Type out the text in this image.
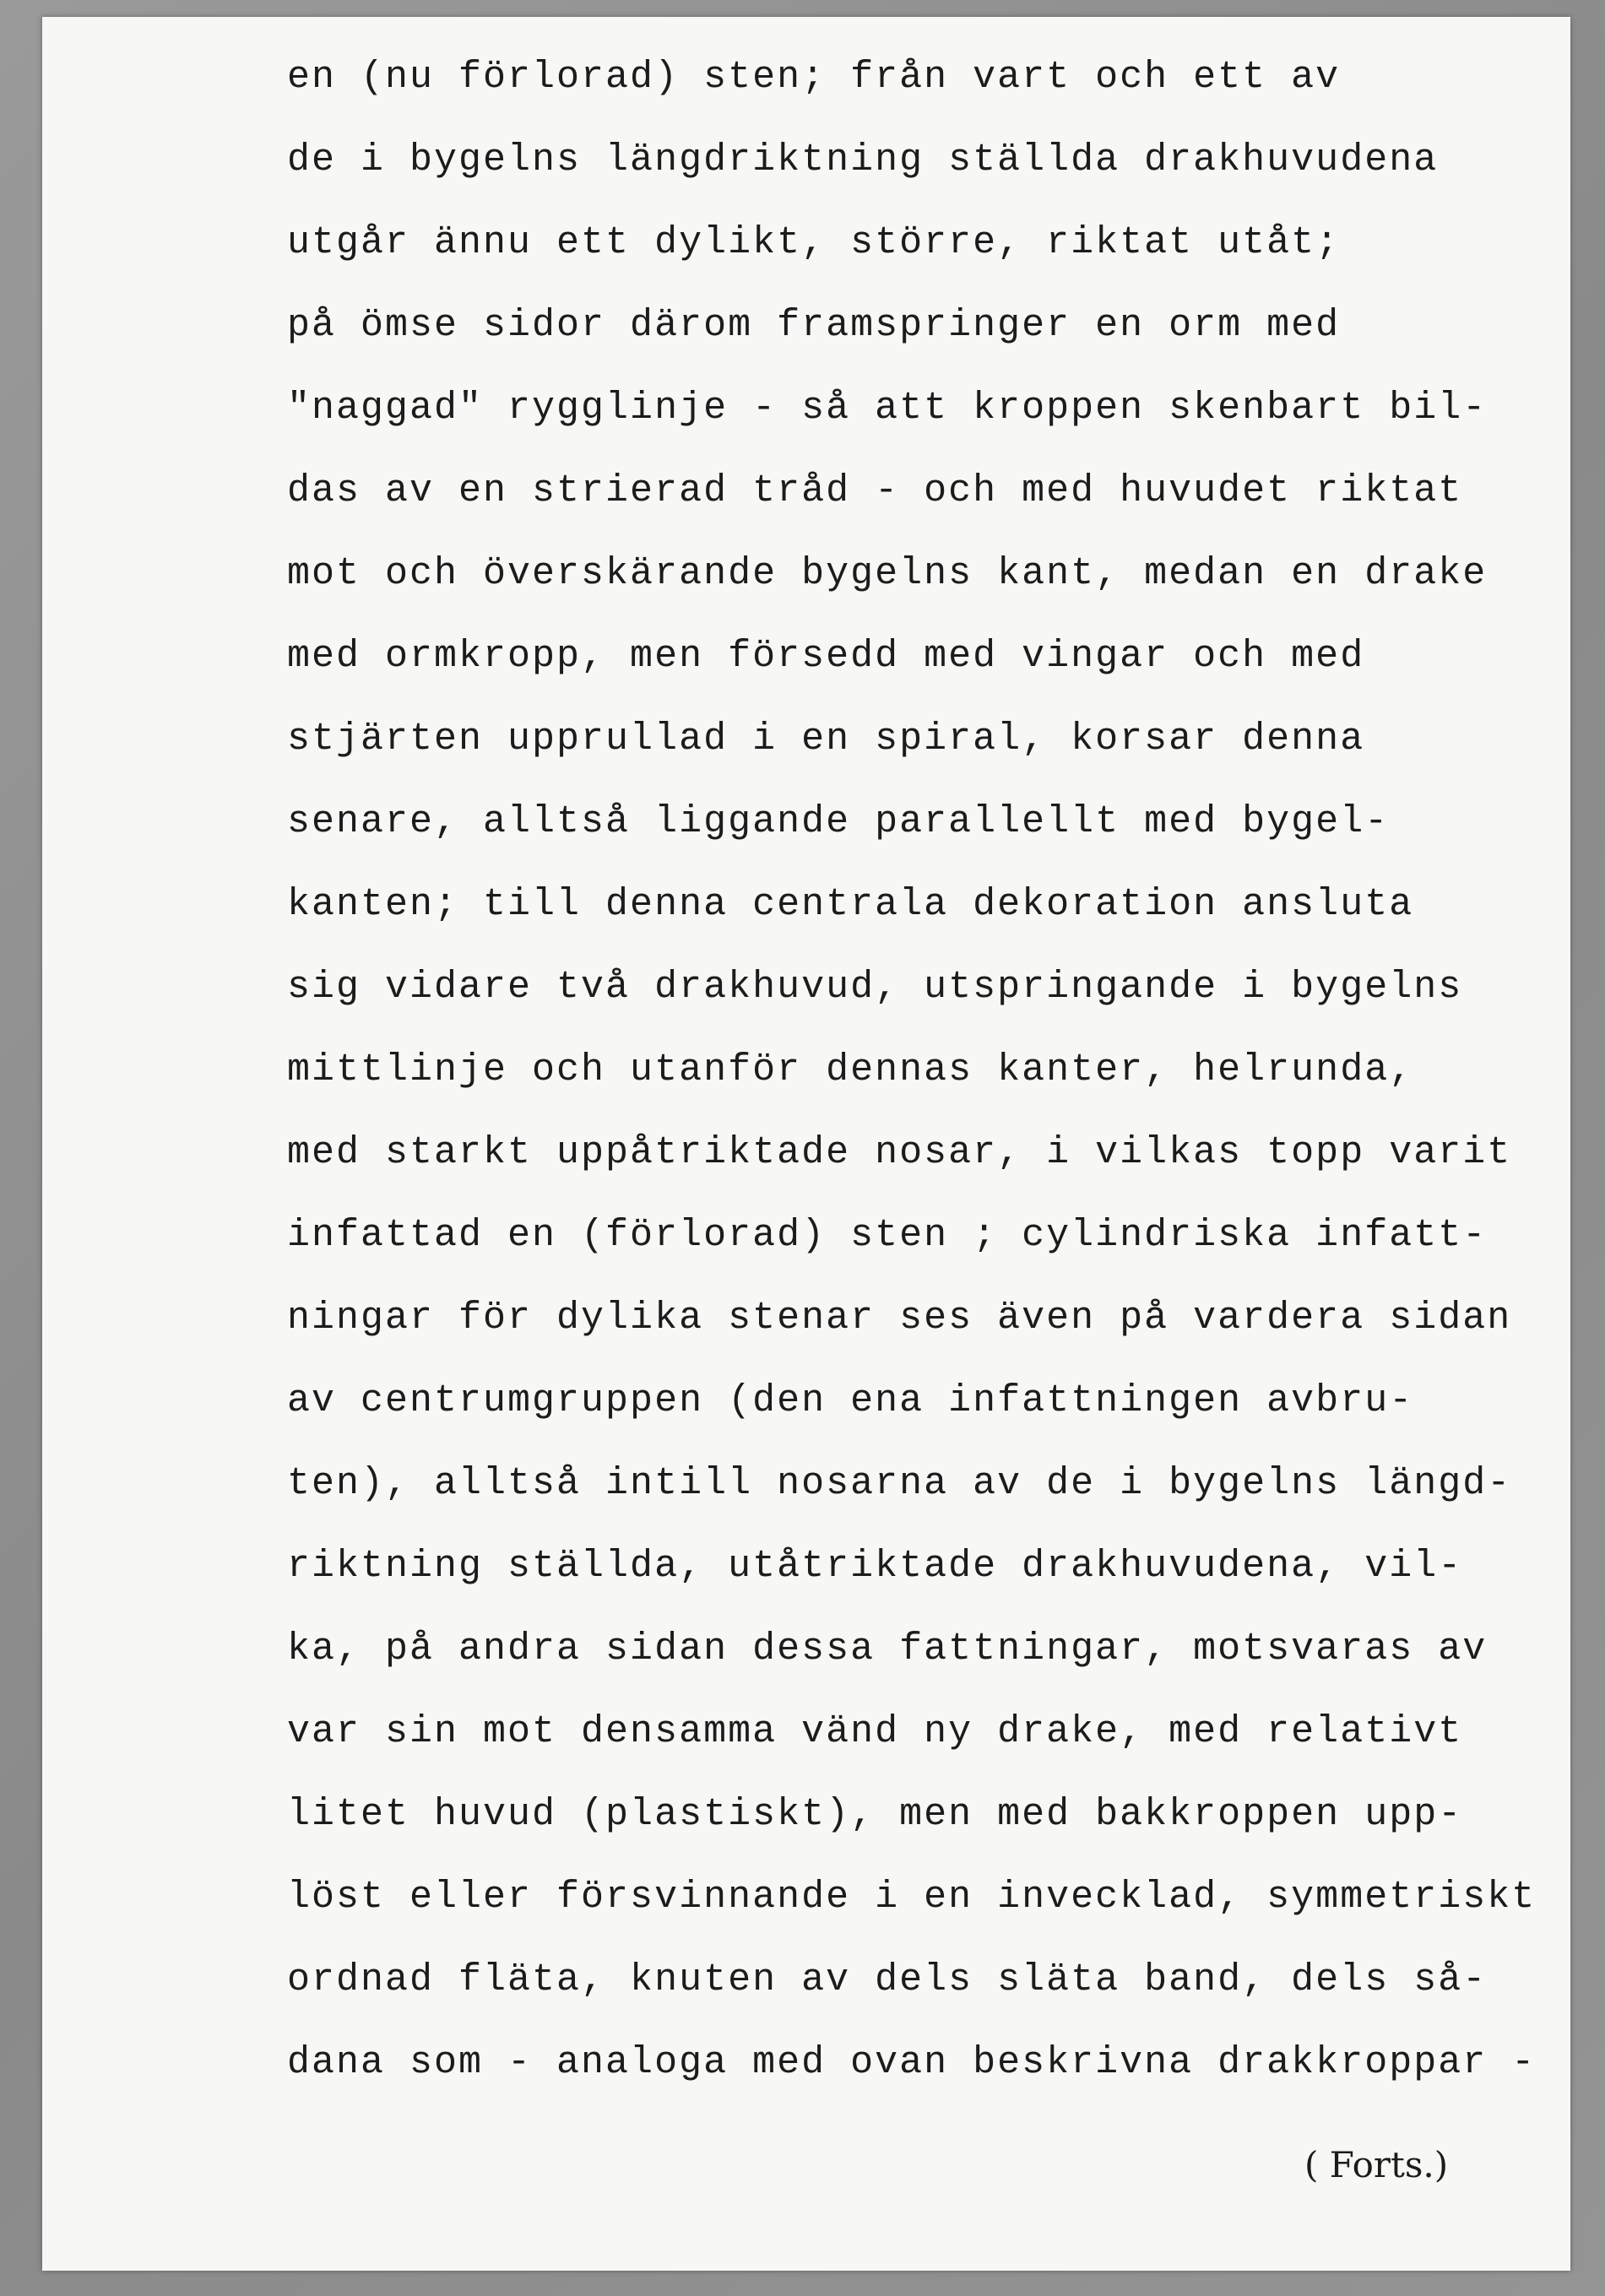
en (nu förlorad) sten; från vart och ett av
de i bygelns längdriktning ställda drakhuvudena
utgår ännu ett dylikt, större, riktat utåt;
på ömse sidor därom framspringer en orm med
"naggad" rygglinje - så att kroppen skenbart bil-
das av en strierad tråd - och med huvudet riktat
mot och överskärande bygelns kant, medan en drake
med ormkropp, men försedd med vingar och med
stjärten upprullad i en spiral, korsar denna
senare, alltså liggande parallellt med bygel-
kanten; till denna centrala dekoration ansluta
sig vidare två drakhuvud, utspringande i bygelns
mittlinje och utanför dennas kanter, helrunda,
med starkt uppåtriktade nosar, i vilkas topp varit
infattad en (förlorad) sten ; cylindriska infatt-
ningar för dylika stenar ses även på vardera sidan
av centrumgruppen (den ena infattningen avbru-
ten), alltså intill nosarna av de i bygelns längd-
riktning ställda, utåtriktade drakhuvudena, vil-
ka, på andra sidan dessa fattningar, motsvaras av
var sin mot densamma vänd ny drake, med relativt
litet huvud (plastiskt), men med bakkroppen upp-
löst eller försvinnande i en invecklad, symmetriskt
ordnad fläta, knuten av dels släta band, dels så-
dana som - analoga med ovan beskrivna drakkroppar -
( Forts.)
